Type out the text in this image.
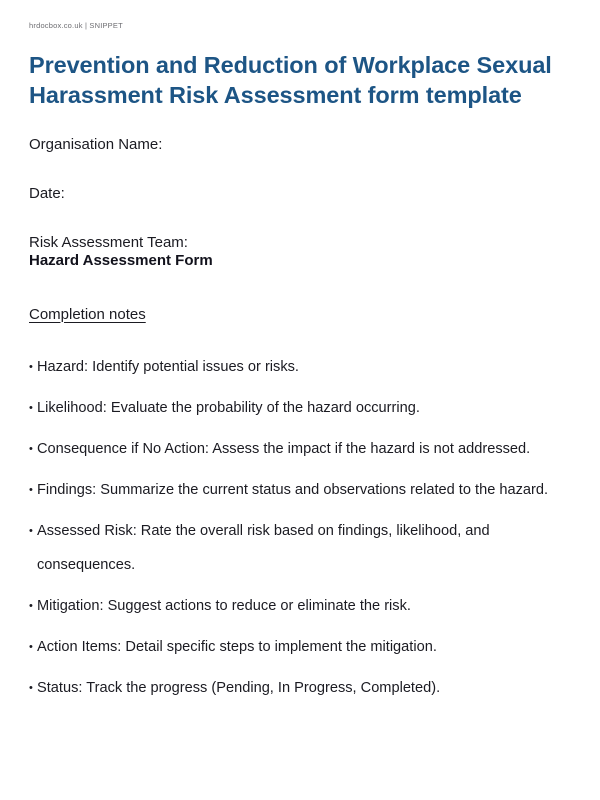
hrdocbox.co.uk | SNIPPET
Prevention and Reduction of Workplace Sexual Harassment Risk Assessment form template
Organisation Name:
Date:
Risk Assessment Team:
Hazard Assessment Form
Completion notes
• Hazard: Identify potential issues or risks.
• Likelihood: Evaluate the probability of the hazard occurring.
• Consequence if No Action: Assess the impact if the hazard is not addressed.
• Findings: Summarize the current status and observations related to the hazard.
• Assessed Risk: Rate the overall risk based on findings, likelihood, and consequences.
• Mitigation: Suggest actions to reduce or eliminate the risk.
• Action Items: Detail specific steps to implement the mitigation.
• Status: Track the progress (Pending, In Progress, Completed).
